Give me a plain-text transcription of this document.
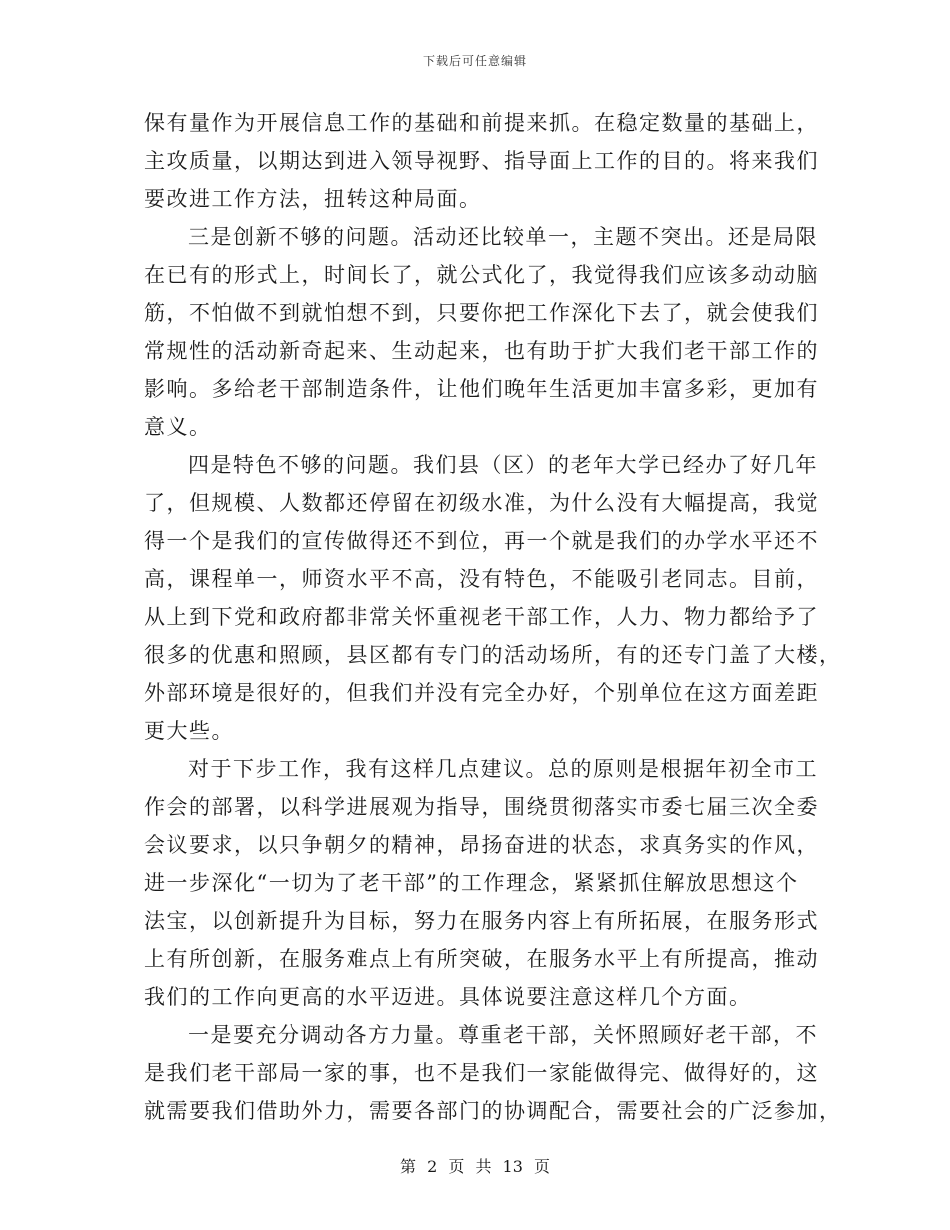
下载后可任意编辑
保有量作为开展信息工作的基础和前提来抓。在稳定数量的基础上，
主攻质量，以期达到进入领导视野、指导面上工作的目的。将来我们
要改进工作方法，扭转这种局面。
三是创新不够的问题。活动还比较单一，主题不突出。还是局限
在已有的形式上，时间长了，就公式化了，我觉得我们应该多动动脑
筋，不怕做不到就怕想不到，只要你把工作深化下去了，就会使我们
常规性的活动新奇起来、生动起来，也有助于扩大我们老干部工作的
影响。多给老干部制造条件，让他们晚年生活更加丰富多彩，更加有
意义。
四是特色不够的问题。我们县（区）的老年大学已经办了好几年
了，但规模、人数都还停留在初级水准，为什么没有大幅提高，我觉
得一个是我们的宣传做得还不到位，再一个就是我们的办学水平还不
高，课程单一，师资水平不高，没有特色，不能吸引老同志。目前，
从上到下党和政府都非常关怀重视老干部工作，人力、物力都给予了
很多的优惠和照顾，县区都有专门的活动场所，有的还专门盖了大楼，
外部环境是很好的，但我们并没有完全办好，个别单位在这方面差距
更大些。
对于下步工作，我有这样几点建议。总的原则是根据年初全市工
作会的部署，以科学进展观为指导，围绕贯彻落实市委七届三次全委
会议要求，以只争朝夕的精神，昂扬奋进的状态，求真务实的作风，
进一步深化“一切为了老干部”的工作理念，紧紧抓住解放思想这个
法宝，以创新提升为目标，努力在服务内容上有所拓展，在服务形式
上有所创新，在服务难点上有所突破，在服务水平上有所提高，推动
我们的工作向更高的水平迈进。具体说要注意这样几个方面。
一是要充分调动各方力量。尊重老干部，关怀照顾好老干部，不
是我们老干部局一家的事，也不是我们一家能做得完、做得好的，这
就需要我们借助外力，需要各部门的协调配合，需要社会的广泛参加，
第 2 页 共 13 页
